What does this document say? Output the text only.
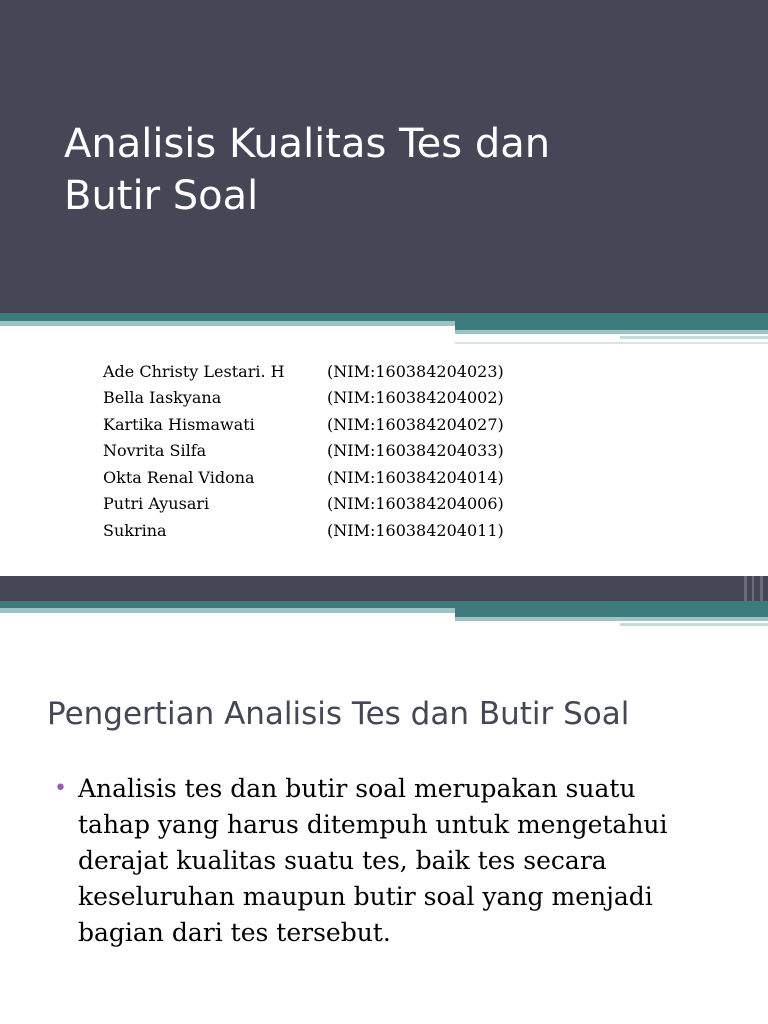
Analisis Kualitas Tes dan
Butir Soal
Ade Christy Lestari. H	(NIM:160384204023)
Bella Iaskyana	(NIM:160384204002)
Kartika Hismawati	(NIM:160384204027)
Novrita Silfa	(NIM:160384204033)
Okta Renal Vidona	(NIM:160384204014)
Putri Ayusari	(NIM:160384204006)
Sukrina	(NIM:160384204011)
Pengertian Analisis Tes dan Butir Soal
• Analisis tes dan butir soal merupakan suatu

tahap yang harus ditempuh untuk mengetahui

derajat kualitas suatu tes, baik tes secara

keseluruhan maupun butir soal yang menjadi

bagian dari tes tersebut.
